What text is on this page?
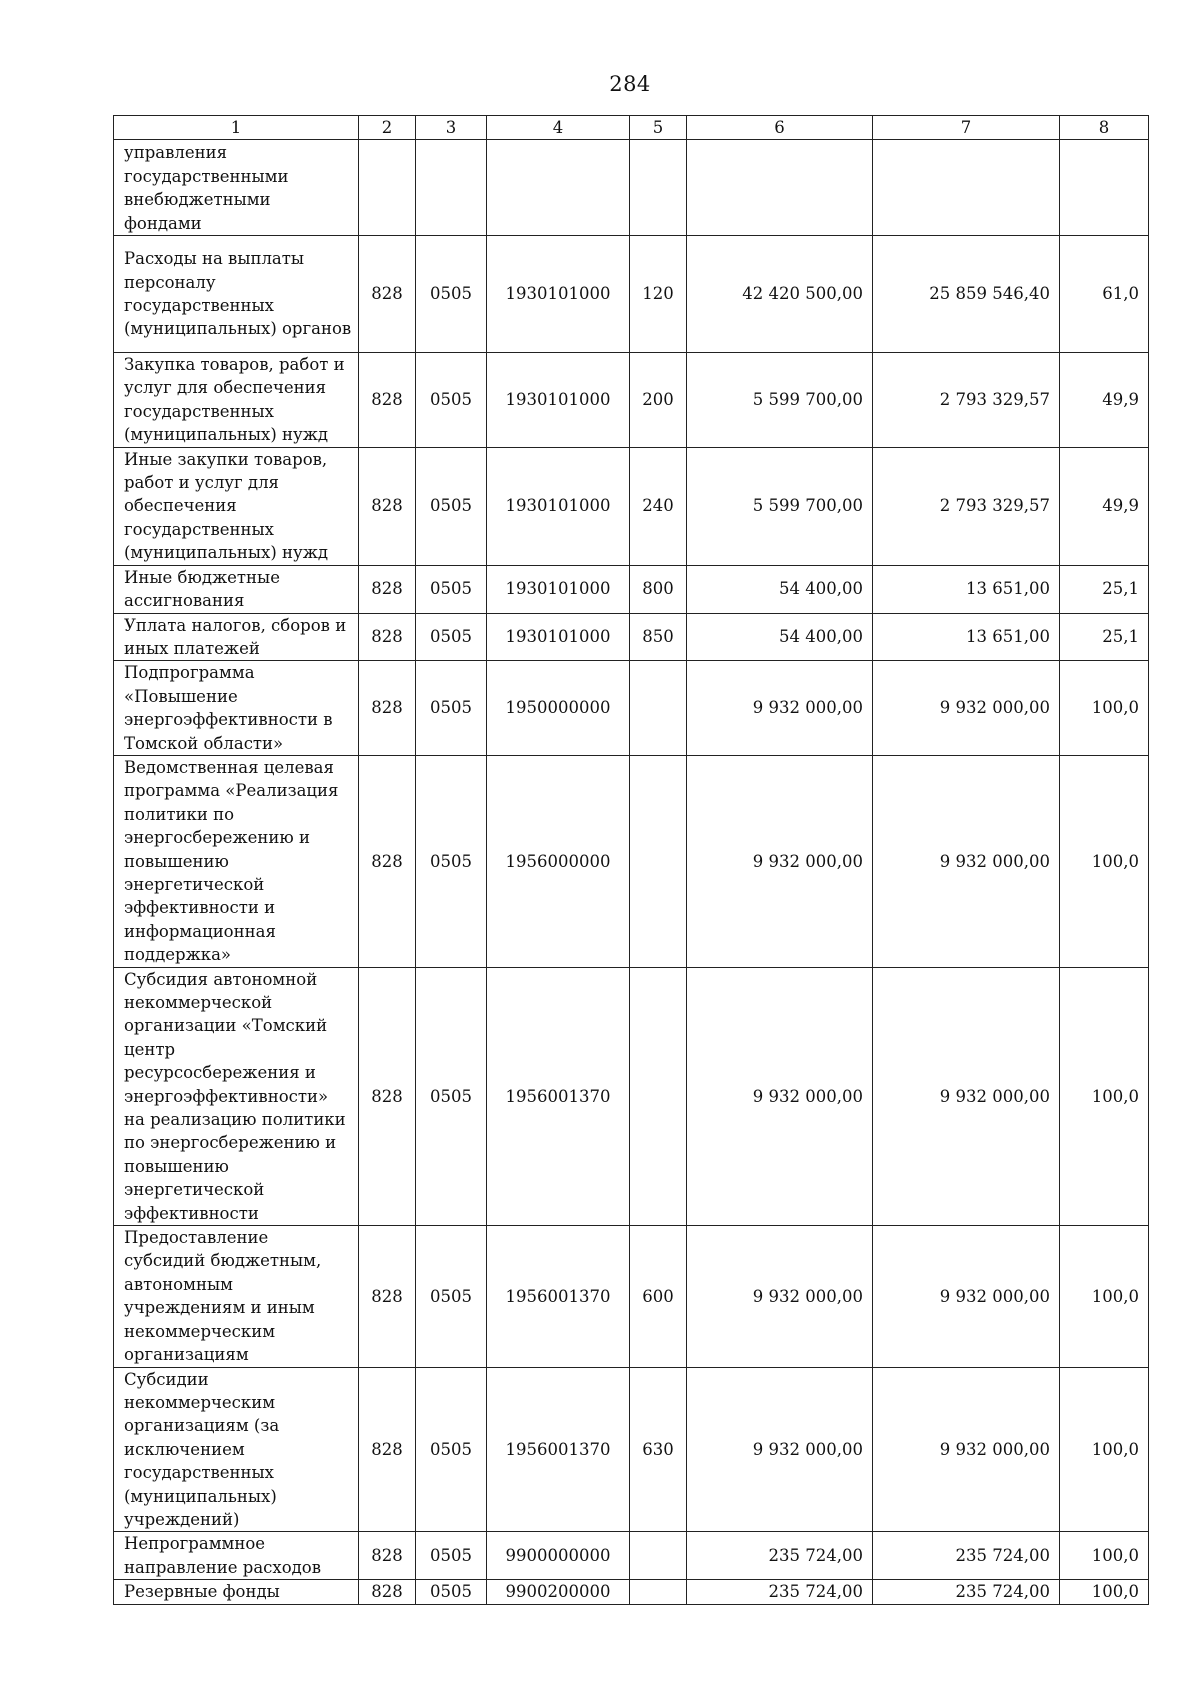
284
1	2	3	4	5	6	7	8
управления государственными внебюджетными фондами							
Расходы на выплаты персоналу государственных (муниципальных) органов	828	0505	1930101000	120	42 420 500,00	25 859 546,40	61,0
Закупка товаров, работ и услуг для обеспечения государственных (муниципальных) нужд	828	0505	1930101000	200	5 599 700,00	2 793 329,57	49,9
Иные закупки товаров, работ и услуг для обеспечения государственных (муниципальных) нужд	828	0505	1930101000	240	5 599 700,00	2 793 329,57	49,9
Иные бюджетные ассигнования	828	0505	1930101000	800	54 400,00	13 651,00	25,1
Уплата налогов, сборов и иных платежей	828	0505	1930101000	850	54 400,00	13 651,00	25,1
Подпрограмма «Повышение энергоэффективности в Томской области»	828	0505	1950000000		9 932 000,00	9 932 000,00	100,0
Ведомственная целевая программа «Реализация политики по энергосбережению и повышению энергетической эффективности и информационная поддержка»	828	0505	1956000000		9 932 000,00	9 932 000,00	100,0
Субсидия автономной некоммерческой организации «Томский центр ресурсосбережения и энергоэффективности» на реализацию политики по энергосбережению и повышению энергетической эффективности	828	0505	1956001370		9 932 000,00	9 932 000,00	100,0
Предоставление субсидий бюджетным, автономным учреждениям и иным некоммерческим организациям	828	0505	1956001370	600	9 932 000,00	9 932 000,00	100,0
Субсидии некоммерческим организациям (за исключением государственных (муниципальных) учреждений)	828	0505	1956001370	630	9 932 000,00	9 932 000,00	100,0
Непрограммное направление расходов	828	0505	9900000000		235 724,00	235 724,00	100,0
Резервные фонды	828	0505	9900200000		235 724,00	235 724,00	100,0
